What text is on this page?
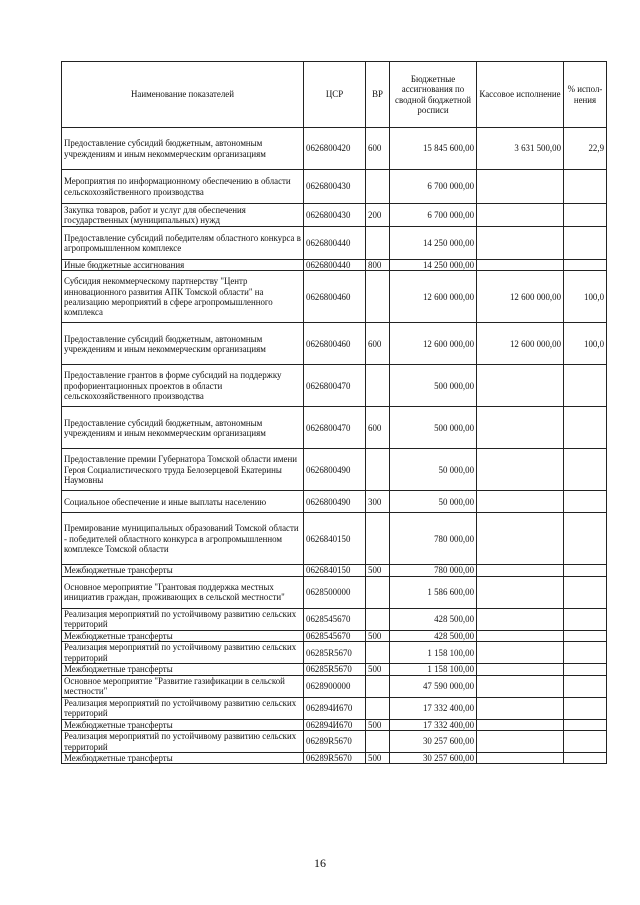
Наименование показателей	ЦСР	ВР	Бюджетные ассигнования по сводной бюджетной росписи	Кассовое исполнение	% испол-нения
Предоставление субсидий бюджетным, автономным учреждениям и иным некоммерческим организациям	0626800420	600	15 845 600,00	3 631 500,00	22,9
Мероприятия по информационному обеспечению в области сельскохозяйственного производства	0626800430		6 700 000,00		
Закупка товаров, работ и услуг для обеспечения государственных (муниципальных) нужд	0626800430	200	6 700 000,00		
Предоставление субсидий победителям областного конкурса в агропромышленном комплексе	0626800440		14 250 000,00		
Иные бюджетные ассигнования	0626800440	800	14 250 000,00		
Субсидия некоммерческому партнерству "Центр инновационного развития АПК Томской области" на реализацию мероприятий в сфере агропромышленного комплекса	0626800460		12 600 000,00	12 600 000,00	100,0
Предоставление субсидий бюджетным, автономным учреждениям и иным некоммерческим организациям	0626800460	600	12 600 000,00	12 600 000,00	100,0
Предоставление грантов в форме субсидий на поддержку профориентационных проектов в области сельскохозяйственного производства	0626800470		500 000,00		
Предоставление субсидий бюджетным, автономным учреждениям и иным некоммерческим организациям	0626800470	600	500 000,00		
Предоставление премии Губернатора Томской области имени Героя Социалистического труда Белозерцевой Екатерины Наумовны	0626800490		50 000,00		
Социальное обеспечение и иные выплаты населению	0626800490	300	50 000,00		
Премирование муниципальных образований Томской области - победителей областного конкурса в агропромышленном комплексе Томской области	0626840150		780 000,00		
Межбюджетные трансферты	0626840150	500	780 000,00		
Основное мероприятие "Грантовая поддержка местных инициатив граждан, проживающих в сельской местности"	0628500000		1 586 600,00		
Реализация мероприятий по устойчивому развитию сельских территорий	0628545670		428 500,00		
Межбюджетные трансферты	0628545670	500	428 500,00		
Реализация мероприятий по устойчивому развитию сельских территорий	06285R5670		1 158 100,00		
Межбюджетные трансферты	06285R5670	500	1 158 100,00		
Основное мероприятие "Развитие газификации в сельской местности"	0628900000		47 590 000,00		
Реализация мероприятий по устойчивому развитию сельских территорий	062894И670		17 332 400,00		
Межбюджетные трансферты	062894И670	500	17 332 400,00		
Реализация мероприятий по устойчивому развитию сельских территорий	06289R5670		30 257 600,00		
Межбюджетные трансферты	06289R5670	500	30 257 600,00		
16
